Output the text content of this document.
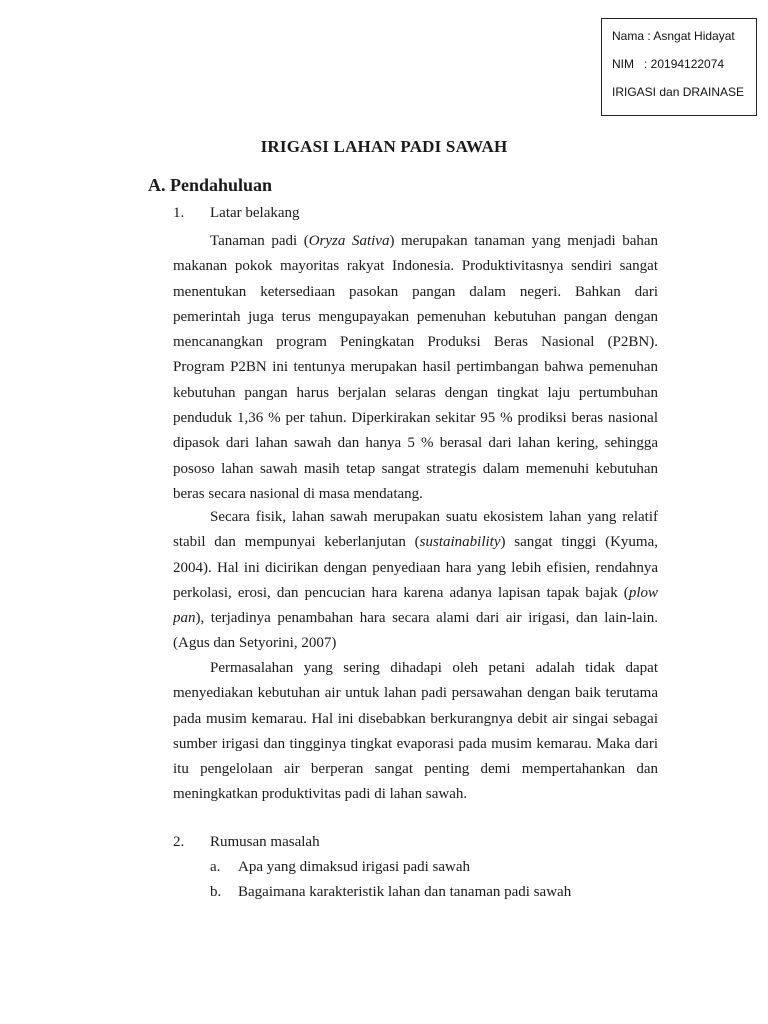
Nama : Asngat Hidayat
NIM   : 20194122074
IRIGASI dan DRAINASE
IRIGASI LAHAN PADI SAWAH
A. Pendahuluan
1. Latar belakang
Tanaman padi (Oryza Sativa) merupakan tanaman yang menjadi bahan
makanan pokok mayoritas rakyat Indonesia. Produktivitasnya sendiri sangat
menentukan ketersediaan pasokan pangan dalam negeri. Bahkan dari
pemerintah juga terus mengupayakan pemenuhan kebutuhan pangan dengan
mencanangkan program Peningkatan Produksi Beras Nasional (P2BN).
Program P2BN ini tentunya merupakan hasil pertimbangan bahwa pemenuhan
kebutuhan pangan harus berjalan selaras dengan tingkat laju pertumbuhan
penduduk 1,36 % per tahun. Diperkirakan sekitar 95 % prodiksi beras nasional
dipasok dari lahan sawah dan hanya 5 % berasal dari lahan kering, sehingga
pososo lahan sawah masih tetap sangat strategis dalam memenuhi kebutuhan
beras secara nasional di masa mendatang.
Secara fisik, lahan sawah merupakan suatu ekosistem lahan yang relatif
stabil dan mempunyai keberlanjutan (sustainability) sangat tinggi (Kyuma,
2004). Hal ini dicirikan dengan penyediaan hara yang lebih efisien, rendahnya
perkolasi, erosi, dan pencucian hara karena adanya lapisan tapak bajak (plow
pan), terjadinya penambahan hara secara alami dari air irigasi, dan lain-lain.
(Agus dan Setyorini, 2007)
Permasalahan yang sering dihadapi oleh petani adalah tidak dapat
menyediakan kebutuhan air untuk lahan padi persawahan dengan baik terutama
pada musim kemarau. Hal ini disebabkan berkurangnya debit air singai sebagai
sumber irigasi dan tingginya tingkat evaporasi pada musim kemarau. Maka dari
itu pengelolaan air berperan sangat penting demi mempertahankan dan
meningkatkan produktivitas padi di lahan sawah.
2. Rumusan masalah
a. Apa yang dimaksud irigasi padi sawah
b. Bagaimana karakteristik lahan dan tanaman padi sawah
